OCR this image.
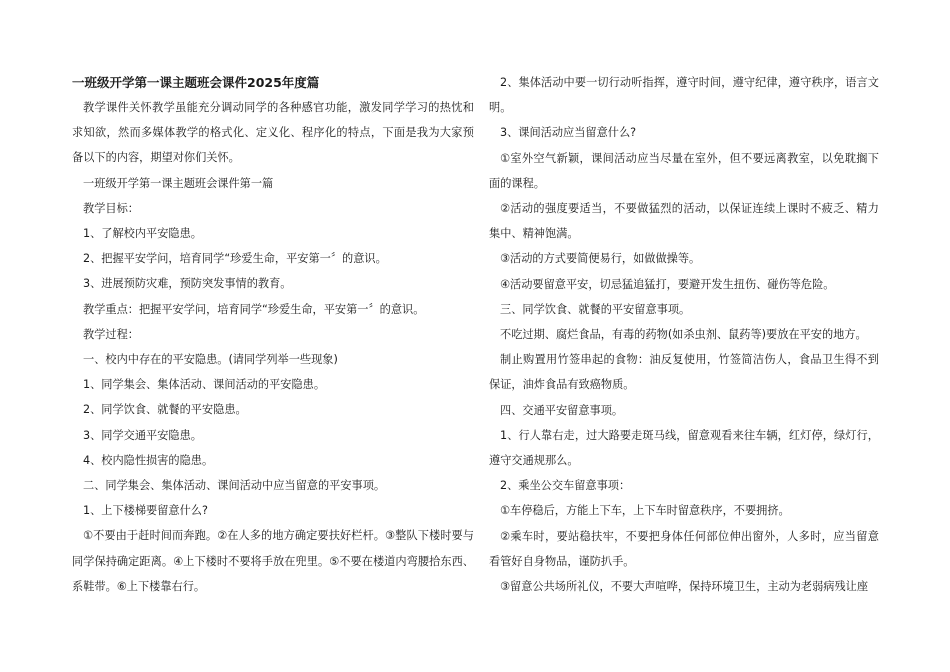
一班级开学第一课主题班会课件2025年度篇

教学课件关怀教学虽能充分调动同学的各种感官功能，激发同学学习的热忱和求知欲，然而多媒体教学的格式化、定义化、程序化的特点，下面是我为大家预备以下的内容，期望对你们关怀。

一班级开学第一课主题班会课件第一篇

教学目标：

1、了解校内平安隐患。

2、把握平安学问，培育同学“珍爱生命，平安第一〞的意识。

3、进展预防灾难，预防突发事情的教育。

教学重点：把握平安学问，培育同学“珍爱生命，平安第一〞的意识。

教学过程：

一、校内中存在的平安隐患。(请同学列举一些现象)

1、同学集会、集体活动、课间活动的平安隐患。

2、同学饮食、就餐的平安隐患。

3、同学交通平安隐患。

4、校内隐性损害的隐患。

二、同学集会、集体活动、课间活动中应当留意的平安事项。

1、上下楼梯要留意什么?

①不要由于赶时间而奔跑。②在人多的地方确定要扶好栏杆。③整队下楼时要与同学保持确定距离。④上下楼时不要将手放在兜里。⑤不要在楼道内弯腰拾东西、系鞋带。⑥上下楼靠右行。

2、集体活动中要一切行动听指挥，遵守时间，遵守纪律，遵守秩序，语言文明。

3、课间活动应当留意什么?

①室外空气新颖，课间活动应当尽量在室外，但不要远离教室，以免耽搁下面的课程。

②活动的强度要适当，不要做猛烈的活动，以保证连续上课时不疲乏、精力集中、精神饱满。

③活动的方式要简便易行，如做做操等。

④活动要留意平安，切忌猛追猛打，要避开发生扭伤、碰伤等危险。

三、同学饮食、就餐的平安留意事项。

不吃过期、腐烂食品，有毒的药物(如杀虫剂、鼠药等)要放在平安的地方。

制止购置用竹签串起的食物：油反复使用，竹签简洁伤人，食品卫生得不到保证，油炸食品有致癌物质。

四、交通平安留意事项。

1、行人靠右走，过大路要走斑马线，留意观看来往车辆，红灯停，绿灯行，遵守交通规那么。

2、乘坐公交车留意事项：

①车停稳后，方能上下车，上下车时留意秩序，不要拥挤。

②乘车时，要站稳扶牢，不要把身体任何部位伸出窗外，人多时，应当留意看管好自身物品，谨防扒手。

③留意公共场所礼仪，不要大声喧哗，保持环境卫生，主动为老弱病残让座
